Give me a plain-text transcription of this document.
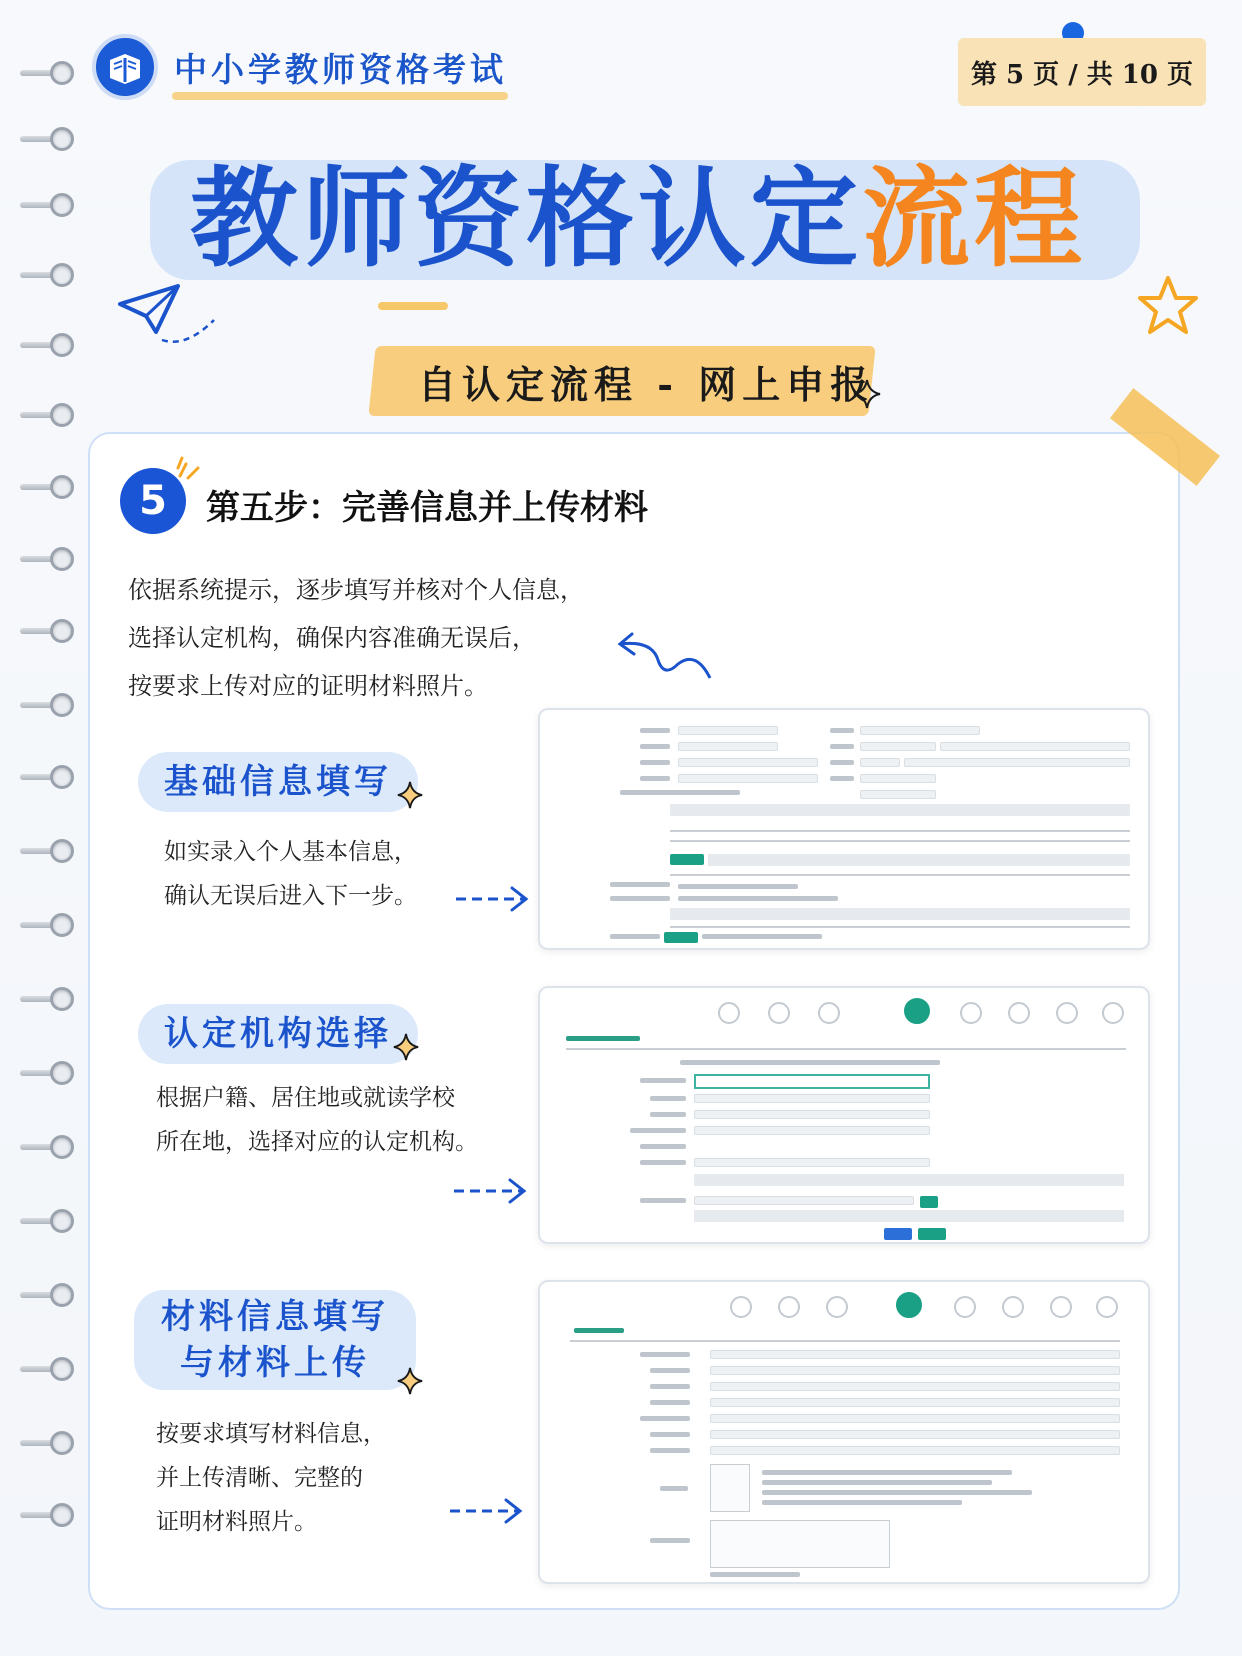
中小学教师资格考试	第 5 页 / 共 10 页
教师资格认定流程
自认定流程 - 网上申报
5	第五步：完善信息并上传材料
依据系统提示，逐步填写并核对个人信息，
选择认定机构，确保内容准确无误后，
按要求上传对应的证明材料照片。
基础信息填写
如实录入个人基本信息，
确认无误后进入下一步。
认定机构选择
根据户籍、居住地或就读学校
所在地，选择对应的认定机构。
材料信息填写
与材料上传
按要求填写材料信息，
并上传清晰、完整的
证明材料照片。
